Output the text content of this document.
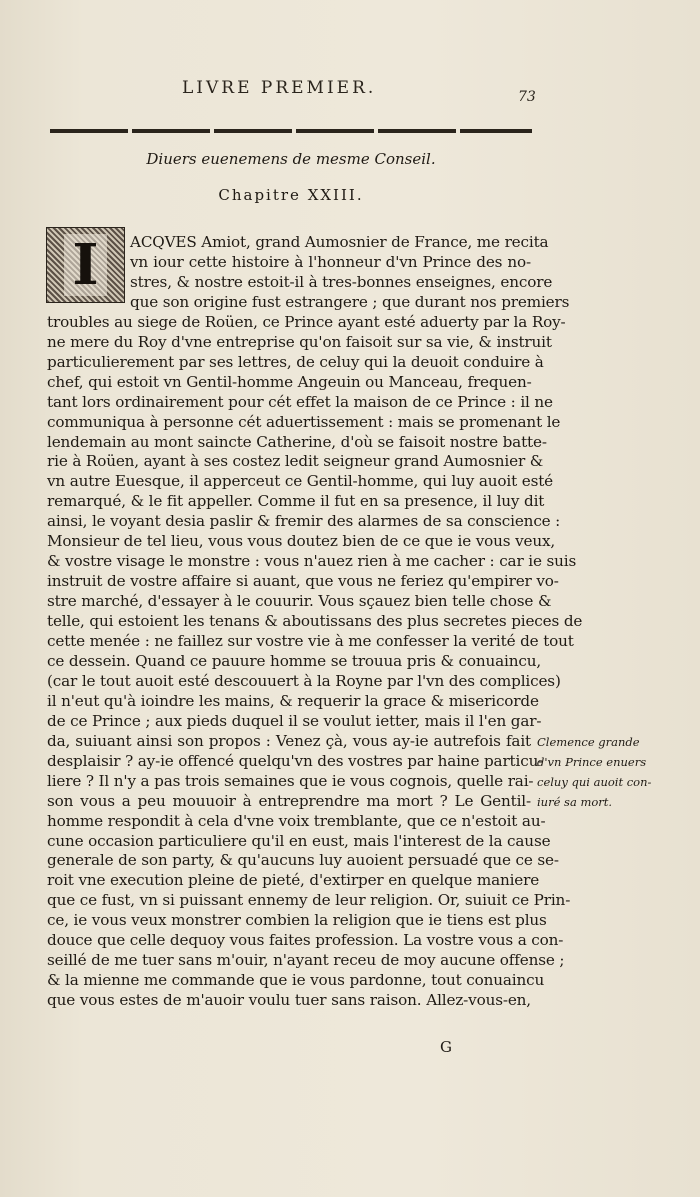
LIVRE PREMIER.	73
Diuers euenemens de mesme Conseil.
Chapitre XXIII.
I	ACQVES Amiot, grand Aumosnier de France, me recita
vn iour cette histoire à l'honneur d'vn Prince des no-
stres, & nostre estoit-il à tres-bonnes enseignes, encore
que son origine fust estrangere ; que durant nos premiers
troubles au siege de Roüen, ce Prince ayant esté aduerty par la Roy-
ne mere du Roy d'vne entreprise qu'on faisoit sur sa vie, & instruit
particulierement par ses lettres, de celuy qui la deuoit conduire à
chef, qui estoit vn Gentil-homme Angeuin ou Manceau, frequen-
tant lors ordinairement pour cét effet la maison de ce Prince : il ne
communiqua à personne cét aduertissement : mais se promenant le
lendemain au mont saincte Catherine, d'où se faisoit nostre batte-
rie à Roüen, ayant à ses costez ledit seigneur grand Aumosnier &
vn autre Euesque, il apperceut ce Gentil-homme, qui luy auoit esté
remarqué, & le fit appeller. Comme il fut en sa presence, il luy dit
ainsi, le voyant desia paslir & fremir des alarmes de sa conscience :
Monsieur de tel lieu, vous vous doutez bien de ce que ie vous veux,
& vostre visage le monstre : vous n'auez rien à me cacher : car ie suis
instruit de vostre affaire si auant, que vous ne feriez qu'empirer vo-
stre marché, d'essayer à le couurir. Vous sçauez bien telle chose &
telle, qui estoient les tenans & aboutissans des plus secretes pieces de
cette menée : ne faillez sur vostre vie à me confesser la verité de tout
ce dessein. Quand ce pauure homme se trouua pris & conuaincu,
(car le tout auoit esté descouuert à la Royne par l'vn des complices)
il n'eut qu'à ioindre les mains, & requerir la grace & misericorde
de ce Prince ; aux pieds duquel il se voulut ietter, mais il l'en gar-
da, suiuant ainsi son propos : Venez çà, vous ay-ie autrefois fait
desplaisir ? ay-ie offencé quelqu'vn des vostres par haine particu-
liere ? Il n'y a pas trois semaines que ie vous cognois, quelle rai-
son vous a peu mouuoir à entreprendre ma mort ? Le Gentil-
homme respondit à cela d'vne voix tremblante, que ce n'estoit au-
cune occasion particuliere qu'il en eust, mais l'interest de la cause
generale de son party, & qu'aucuns luy auoient persuadé que ce se-
roit vne execution pleine de pieté, d'extirper en quelque maniere
que ce fust, vn si puissant ennemy de leur religion. Or, suiuit ce Prin-
ce, ie vous veux monstrer combien la religion que ie tiens est plus
douce que celle dequoy vous faites profession. La vostre vous a con-
seillé de me tuer sans m'ouir, n'ayant receu de moy aucune offense ;
& la mienne me commande que ie vous pardonne, tout conuaincu
que vous estes de m'auoir voulu tuer sans raison. Allez-vous-en,
Clemence grande
d'vn Prince enuers
celuy qui auoit con-
iuré sa mort.
G
